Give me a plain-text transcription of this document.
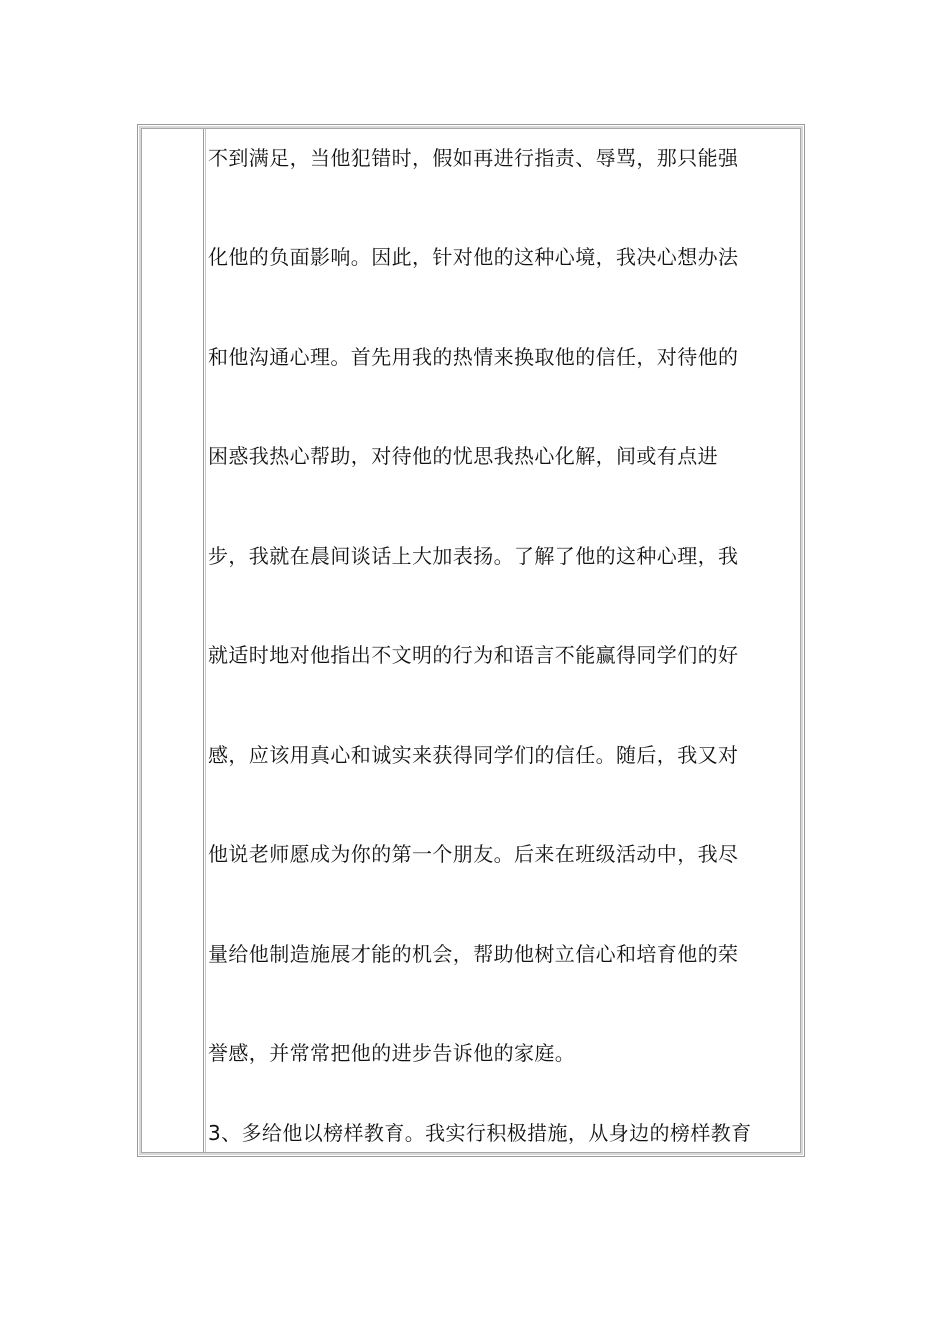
不到满足，当他犯错时，假如再进行指责、辱骂，那只能强
化他的负面影响。因此，针对他的这种心境，我决心想办法
和他沟通心理。首先用我的热情来换取他的信任，对待他的
困惑我热心帮助，对待他的忧思我热心化解，间或有点进
步，我就在晨间谈话上大加表扬。了解了他的这种心理，我
就适时地对他指出不文明的行为和语言不能赢得同学们的好
感，应该用真心和诚实来获得同学们的信任。随后，我又对
他说老师愿成为你的第一个朋友。后来在班级活动中，我尽
量给他制造施展才能的机会，帮助他树立信心和培育他的荣
誉感，并常常把他的进步告诉他的家庭。
3、多给他以榜样教育。我实行积极措施，从身边的榜样教育
